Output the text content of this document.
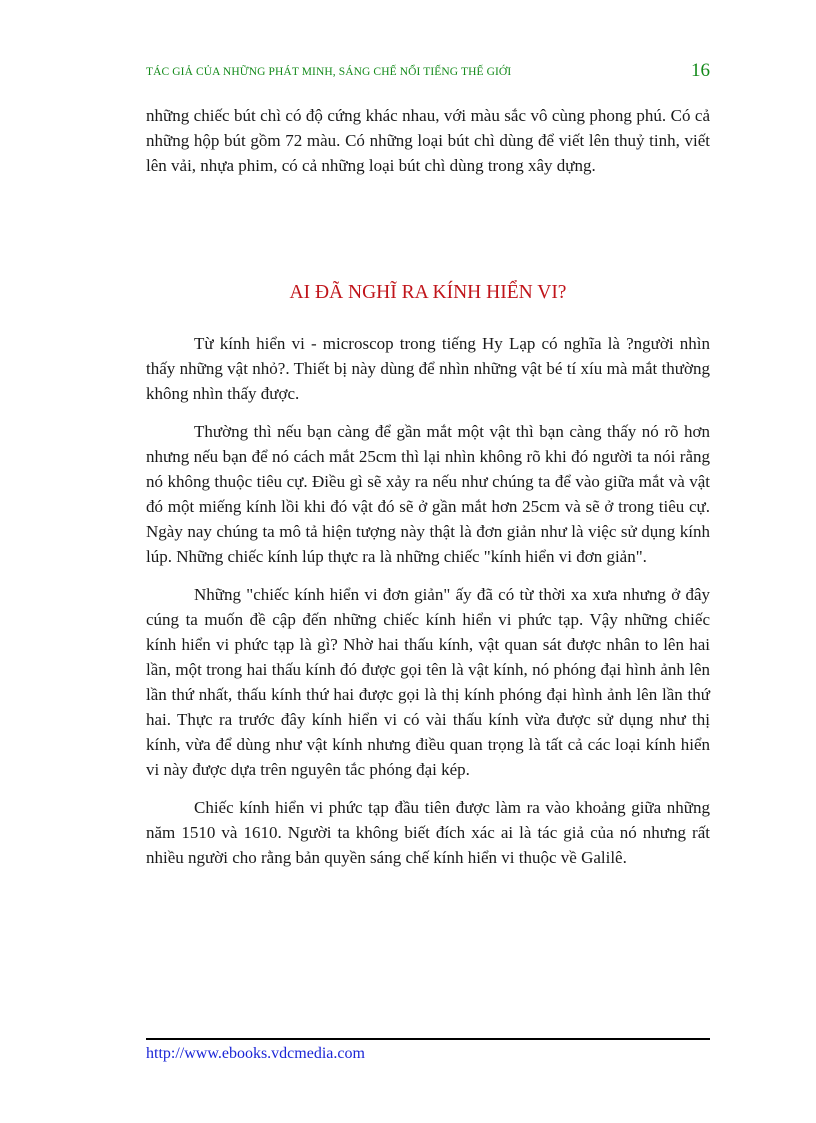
TÁC GIẢ CỦA NHỮNG PHÁT MINH, SÁNG CHẾ NỔI TIẾNG THẾ GIỚI	16

những chiếc bút chì có độ cứng khác nhau, với màu sắc vô cùng phong phú. Có cả những hộp bút gồm 72 màu. Có những loại bút chì dùng để viết lên thuỷ tinh, viết lên vải, nhựa phim, có cả những loại bút chì dùng trong xây dựng.

AI ĐÃ NGHĨ RA KÍNH HIỂN VI?

Từ kính hiển vi - microscop trong tiếng Hy Lạp có nghĩa là ?người nhìn thấy những vật nhỏ?. Thiết bị này dùng để nhìn những vật bé tí xíu mà mắt thường không nhìn thấy được.

Thường thì nếu bạn càng để gần mắt một vật thì bạn càng thấy nó rõ hơn nhưng nếu bạn để nó cách mắt 25cm thì lại nhìn không rõ khi đó người ta nói rằng nó không thuộc tiêu cự. Điều gì sẽ xảy ra nếu như chúng ta để vào giữa mắt và vật đó một miếng kính lồi khi đó vật đó sẽ ở gần mắt hơn 25cm và sẽ ở trong tiêu cự. Ngày nay chúng ta mô tả hiện tượng này thật là đơn giản như là việc sử dụng kính lúp. Những chiếc kính lúp thực ra là những chiếc "kính hiển vi đơn giản".

Những "chiếc kính hiển vi đơn giản" ấy đã có từ thời xa xưa nhưng ở đây cúng ta muốn đề cập đến những chiếc kính hiển vi phức tạp. Vậy những chiếc kính hiển vi phức tạp là gì? Nhờ hai thấu kính, vật quan sát được nhân to lên hai lần, một trong hai thấu kính đó được gọi tên là vật kính, nó phóng đại hình ảnh lên lần thứ nhất, thấu kính thứ hai được gọi là thị kính phóng đại hình ảnh lên lần thứ hai. Thực ra trước đây kính hiển vi có vài thấu kính vừa được sử dụng như thị kính, vừa để dùng như vật kính nhưng điều quan trọng là tất cả các loại kính hiển vi này được dựa trên nguyên tắc phóng đại kép.

Chiếc kính hiển vi phức tạp đầu tiên được làm ra vào khoảng giữa những năm 1510 và 1610. Người ta không biết đích xác ai là tác giả của nó nhưng rất nhiều người cho rằng bản quyền sáng chế kính hiển vi thuộc về Galilê.

http://www.ebooks.vdcmedia.com
